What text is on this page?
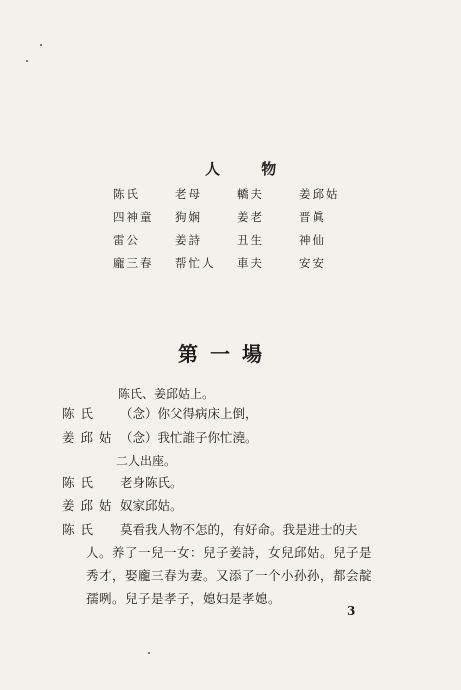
人 物
陈氏	老母	轎夫	姜邱姑
四神童	狗娴	姜老	晋眞
雷公	姜詩	丑生	神仙
龐三春	帮忙人	車夫	安安
第一場
陈氏、姜邱姑上。
陈氏 （念）你父得病床上倒，
姜邱姑 （念）我忙誰子你忙澆。
二人出座。
陈氏 老身陈氏。
姜邱姑 奴家邱姑。
陈氏 莫看我人物不怎的，有好命。我是进士的夫
人。养了一兒一女：兒子姜詩，女兒邱姑。兒子是
秀才，娶龐三春为妻。又添了一个小孙孙，都会靛
孺咧。兒子是孝子，媳妇是孝媳。
3
